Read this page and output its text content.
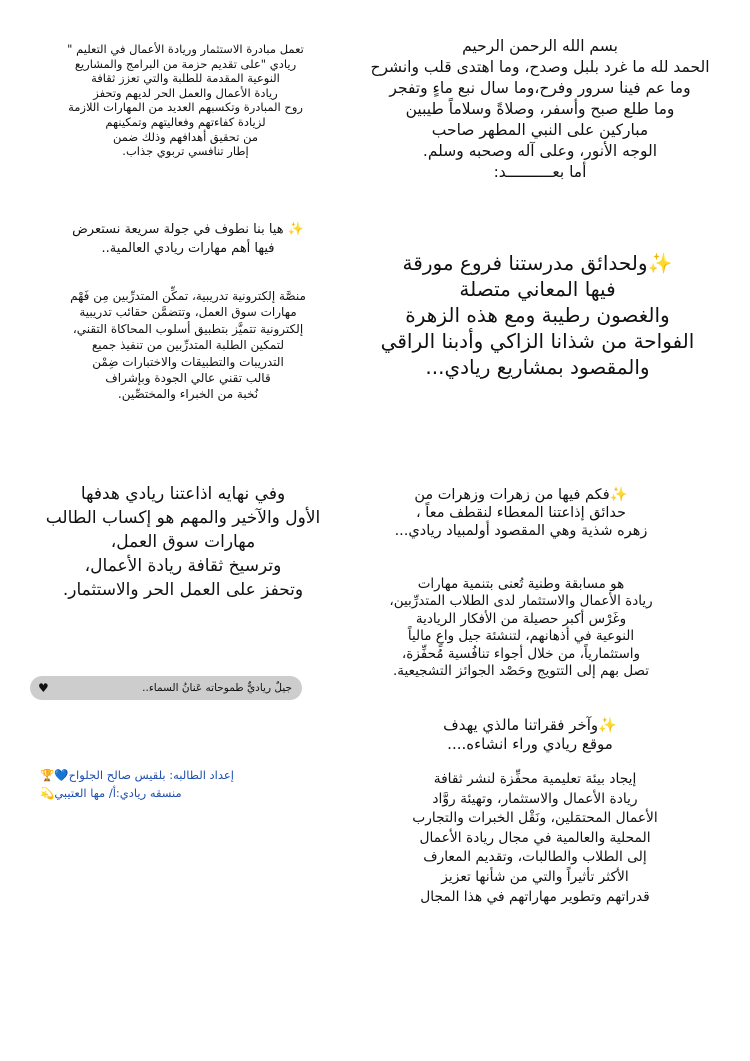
بسم الله الرحمن الرحيم
الحمد لله ما غرد بلبل وصدح، وما اهتدى قلب وانشرح
وما عم فينا سرور وفرح،وما سال نبع ماءٍ وتفجر
وما طلع صبح وأسفر، وصلاةً وسلاماً طيبين
مباركين على النبي المطهر صاحب
الوجه الأنور، وعلى آله وصحبه وسلم.
أما بعــــــــــد:
تعمل مبادرة الاستثمار وريادة الأعمال في التعليم "
ريادي "على تقديم حزمة من البرامج والمشاريع
النوعية المقدمة للطلبة والتي تعزز ثقافة
ريادة الأعمال والعمل الحر لديهم وتحفز
روح المبادرة وتكسبهم العديد من المهارات اللازمة
لزيادة كفاءتهم وفعاليتهم وتمكينهم
من تحقيق أهدافهم وذلك ضمن
إطار تنافسي تربوي جذاب.
✨ هيا بنا نطوف في جولة سريعة نستعرض
فيها أهم مهارات ريادي العالمية..
منصَّة إلكترونية تدريبية، تمكِّن المتدرِّبين مِن فَهْم
مهارات سوق العمل، وتتضمَّن حقائب تدريبية
إلكترونية تتميَّز بتطبيق أسلوب المحاكاة التقني،
لتمكين الطلبة المتدرِّبين من تنفيذ جميع
التدريبات والتطبيقات والاختبارات ضِمْن
قالب تقني عالي الجودة وبإشراف
نُخبة من الخبراء والمختصِّين.
✨ولحدائق مدرستنا فروع مورقة
فيها المعاني متصلة
والغصون رطيبة ومع هذه الزهرة
الفواحة من شذانا الزاكي وأدبنا الراقي
والمقصود بمشاريع ريادي...
وفي نهايه اذاعتنا ريادي هدفها
الأول والآخير والمهم هو إكساب الطالب
مهارات سوق العمل،
وترسيخ ثقافة ريادة الأعمال،
وتحفز على العمل الحر والاستثمار.
✨فكم فيها من زهرات وزهرات من
حدائق إذاعتنا المعطاء لنقطف معاً ،
زهره شذية وهي المقصود أولمبياد ريادي...
هو مسابقة وطنية تُعنى بتنمية مهارات
ريادة الأعمال والاستثمار لدى الطلاب المتدرِّبين،
وغَرْس أكبر حصيلة من الأفكار الريادية
النوعية في أذهانهم، لتنشئة جيل واعٍ مالياً
واستثمارياً، من خلال أجواء تنافُسية مُحفِّزة،
تصل بهم إلى التتويج وحَصْد الجوائز التشجيعية.
جيلٌ رياديٌّ طموحاته عَنانُ السماء..
♥
✨وآخر فقراتنا مالذي يهدف
موقع ريادي وراء انشاءه....
إيجاد بيئة تعليمية محفِّزة لنشر ثقافة
ريادة الأعمال والاستثمار، وتهيئة روَّاد
الأعمال المحتمَلين، ونَقْل الخبرات والتجارب
المحلية والعالمية في مجال ريادة الأعمال
إلى الطلاب والطالبات، وتقديم المعارف
الأكثر تأثيراً والتي من شأنها تعزيز
قدراتهم وتطوير مهاراتهم في هذا المجال
إعداد الطالبه: بلقيس صالح الجلواح💙🏆
منسقه ريادي:أ/ مها العتيبي💫
